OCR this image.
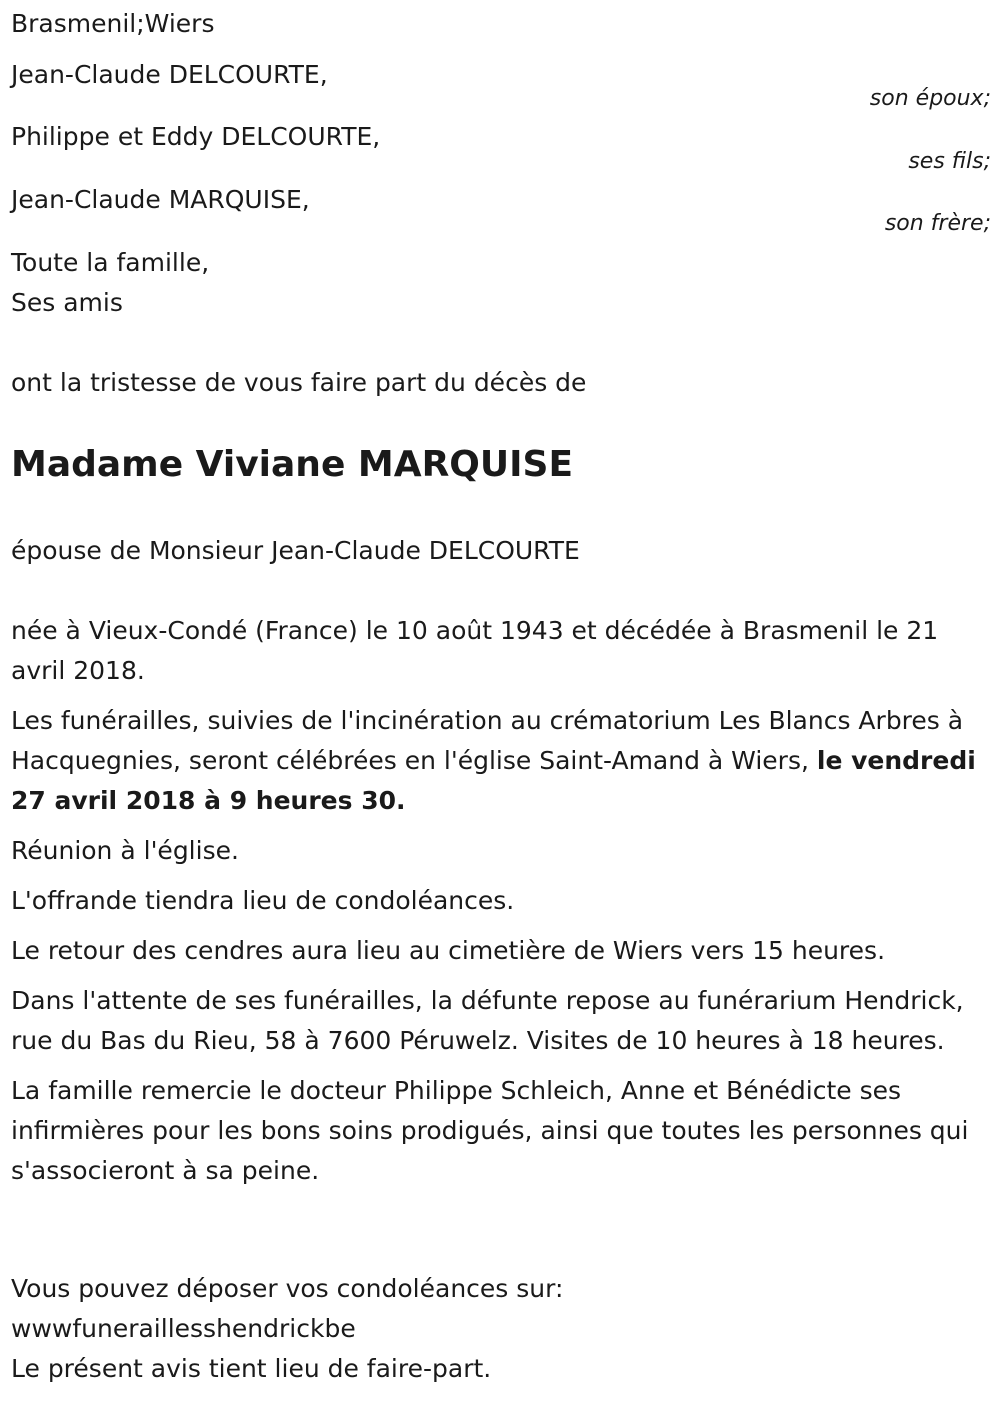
Brasmenil;Wiers

Jean-Claude DELCOURTE,

son époux;

Philippe et Eddy DELCOURTE,

ses fils;

Jean-Claude MARQUISE,

son frère;

Toute la famille,

Ses amis

ont la tristesse de vous faire part du décès de

Madame Viviane MARQUISE

épouse de Monsieur Jean-Claude DELCOURTE

née à Vieux-Condé (France) le 10 août 1943 et décédée à Brasmenil le 21 avril 2018.

Les funérailles, suivies de l'incinération au crématorium Les Blancs Arbres à Hacquegnies, seront célébrées en l'église Saint-Amand à Wiers, le vendredi 27 avril 2018 à 9 heures 30.

Réunion à l'église.

L'offrande tiendra lieu de condoléances.

Le retour des cendres aura lieu au cimetière de Wiers vers 15 heures.

Dans l'attente de ses funérailles, la défunte repose au funérarium Hendrick, rue du Bas du Rieu, 58 à 7600 Péruwelz. Visites de 10 heures à 18 heures.

La famille remercie le docteur Philippe Schleich, Anne et Bénédicte ses infirmières pour les bons soins prodigués, ainsi que toutes les personnes qui s'associeront à sa peine.

Vous pouvez déposer vos condoléances sur:

wwwfuneraillesshendrickbe

Le présent avis tient lieu de faire-part.
